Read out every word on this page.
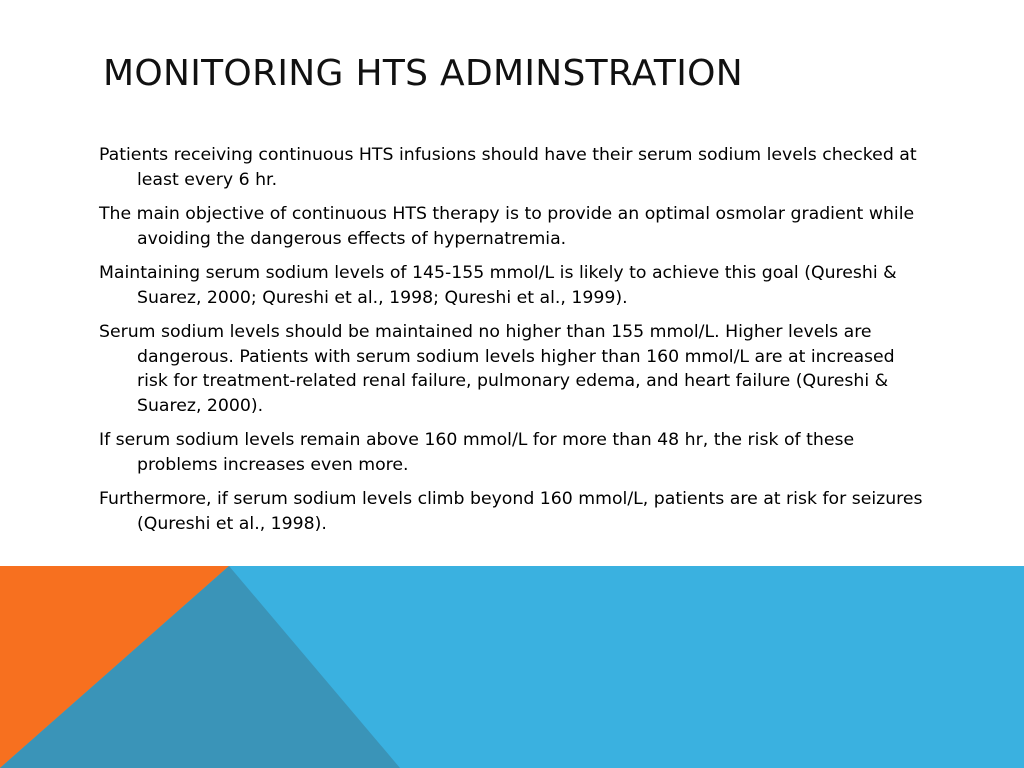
MONITORING HTS ADMINSTRATION
Patients receiving continuous HTS infusions should have their serum sodium levels checked at least every 6 hr.
The main objective of continuous HTS therapy is to provide an optimal osmolar gradient while avoiding the dangerous effects of hypernatremia.
Maintaining serum sodium levels of 145-155 mmol/L is likely to achieve this goal (Qureshi & Suarez, 2000; Qureshi et al., 1998; Qureshi et al., 1999).
Serum sodium levels should be maintained no higher than 155 mmol/L. Higher levels are dangerous. Patients with serum sodium levels higher than 160 mmol/L are at increased risk for treatment-related renal failure, pulmonary edema, and heart failure (Qureshi & Suarez, 2000).
If serum sodium levels remain above 160 mmol/L for more than 48 hr, the risk of these problems increases even more.
Furthermore, if serum sodium levels climb beyond 160 mmol/L, patients are at risk for seizures (Qureshi et al., 1998).
